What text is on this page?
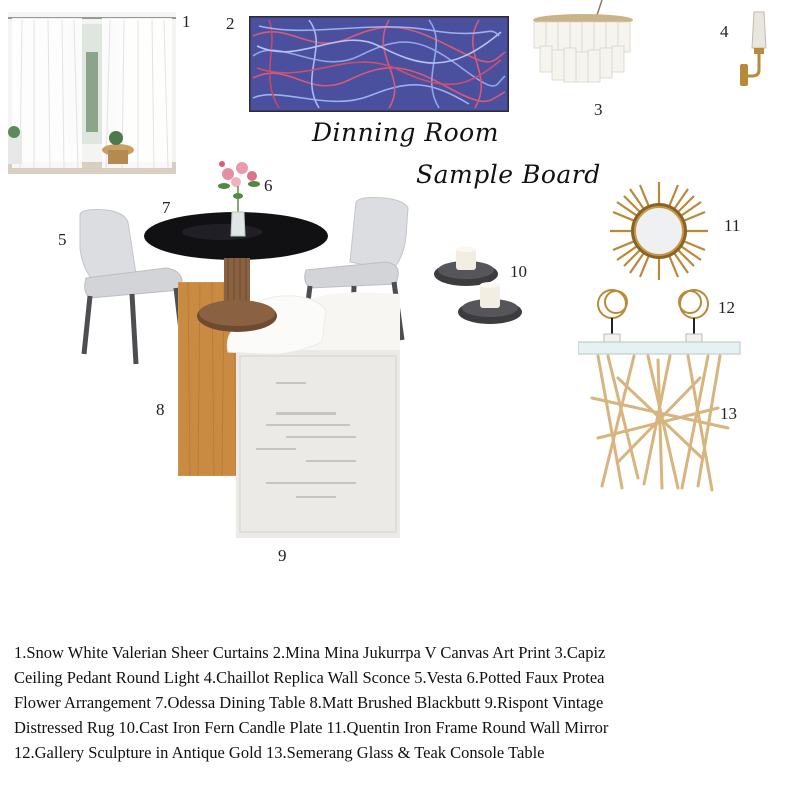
1 2
Dinning Room
Sample Board
3
4
5
8
9
7
6
10
11
12
13
1.Snow White Valerian Sheer Curtains 2.Mina Mina Jukurrpa V Canvas Art Print 3.Capiz Ceiling Pedant Round Light 4.Chaillot Replica Wall Sconce 5.Vesta 6.Potted Faux Protea Flower Arrangement 7.Odessa Dining Table 8.Matt Brushed Blackbutt 9.Rispont Vintage Distressed Rug 10.Cast Iron Fern Candle Plate 11.Quentin Iron Frame Round Wall Mirror 12.Gallery Sculpture in Antique Gold 13.Semerang Glass & Teak Console Table
